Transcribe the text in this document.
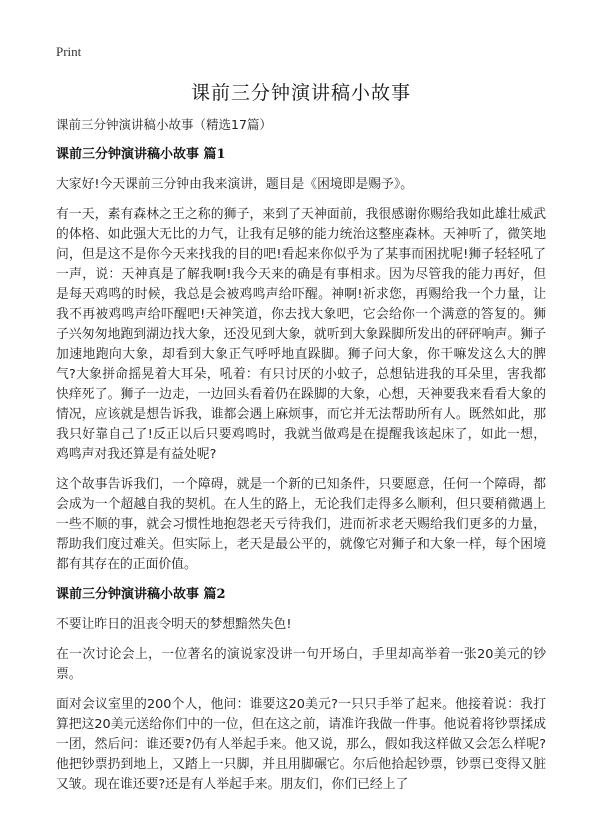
Print
课前三分钟演讲稿小故事
课前三分钟演讲稿小故事（精选17篇）
课前三分钟演讲稿小故事 篇1
大家好!今天课前三分钟由我来演讲，题目是《困境即是赐予》。
有一天，素有森林之王之称的狮子，来到了天神面前，我很感谢你赐给我如此雄壮威武的体格、如此强大无比的力气，让我有足够的能力统治这整座森林。天神听了，微笑地问，但是这不是你今天来找我的目的吧!看起来你似乎为了某事而困扰呢!狮子轻轻吼了一声，说：天神真是了解我啊!我今天来的确是有事相求。因为尽管我的能力再好，但是每天鸡鸣的时候，我总是会被鸡鸣声给吓醒。神啊!祈求您，再赐给我一个力量，让我不再被鸡鸣声给吓醒吧!天神笑道，你去找大象吧，它会给你一个满意的答复的。狮子兴匆匆地跑到湖边找大象，还没见到大象，就听到大象跺脚所发出的砰砰响声。狮子加速地跑向大象，却看到大象正气呼呼地直跺脚。狮子问大象，你干嘛发这么大的脾气?大象拼命摇晃着大耳朵，吼着：有只讨厌的小蚊子，总想钻进我的耳朵里，害我都快痒死了。狮子一边走，一边回头看着仍在跺脚的大象，心想，天神要我来看看大象的情况，应该就是想告诉我，谁都会遇上麻烦事，而它并无法帮助所有人。既然如此，那我只好靠自己了!反正以后只要鸡鸣时，我就当做鸡是在提醒我该起床了，如此一想，鸡鸣声对我还算是有益处呢?
这个故事告诉我们，一个障碍，就是一个新的已知条件，只要愿意，任何一个障碍，都会成为一个超越自我的契机。在人生的路上，无论我们走得多么顺利，但只要稍微遇上一些不顺的事，就会习惯性地抱怨老天亏待我们，进而祈求老天赐给我们更多的力量，帮助我们度过难关。但实际上，老天是最公平的，就像它对狮子和大象一样，每个困境都有其存在的正面价值。
课前三分钟演讲稿小故事 篇2
不要让昨日的沮丧令明天的梦想黯然失色!
在一次讨论会上，一位著名的演说家没讲一句开场白，手里却高举着一张20美元的钞票。
面对会议室里的200个人，他问：谁要这20美元?一只只手举了起来。他接着说：我打算把这20美元送给你们中的一位，但在这之前，请准许我做一件事。他说着将钞票揉成一团，然后问：谁还要?仍有人举起手来。他又说，那么，假如我这样做又会怎么样呢?他把钞票扔到地上，又踏上一只脚，并且用脚碾它。尔后他拾起钞票，钞票已变得又脏又皱。现在谁还要?还是有人举起手来。朋友们，你们已经上了
